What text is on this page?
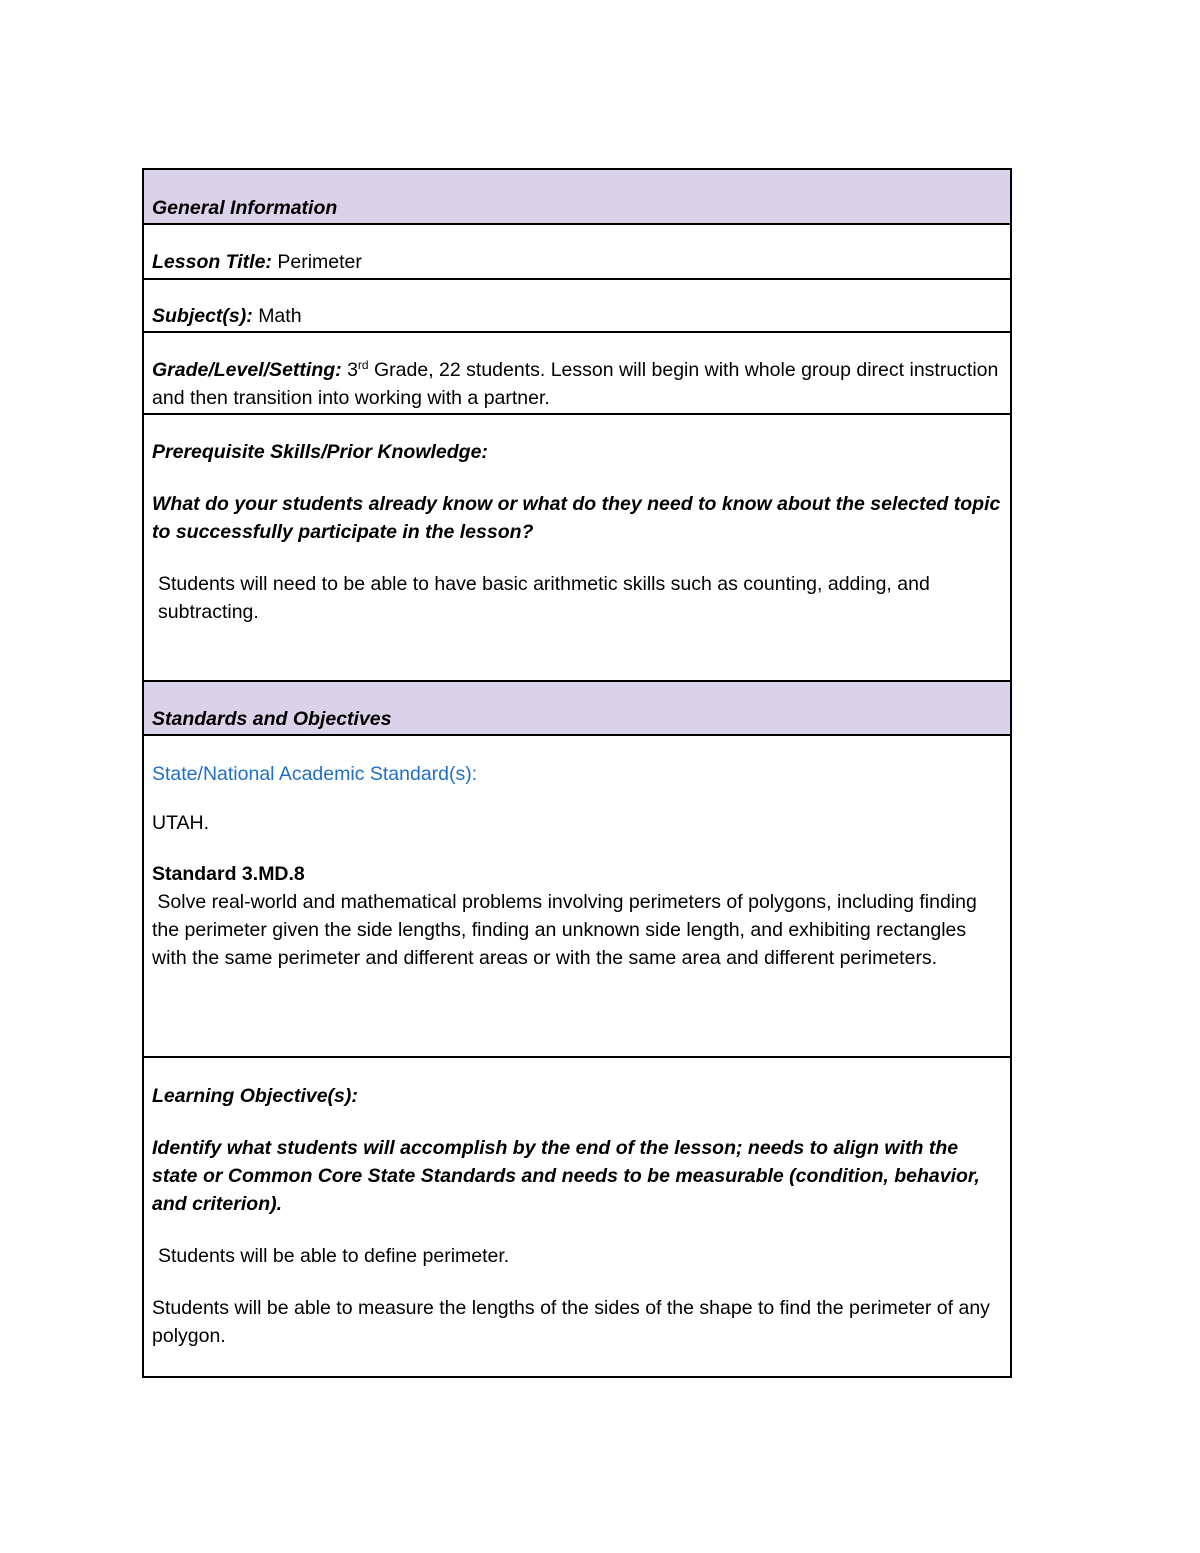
General Information

Lesson Title: Perimeter

Subject(s): Math

Grade/Level/Setting: 3rd Grade, 22 students. Lesson will begin with whole group direct instruction and then transition into working with a partner.

Prerequisite Skills/Prior Knowledge:

What do your students already know or what do they need to know about the selected topic to successfully participate in the lesson?

Students will need to be able to have basic arithmetic skills such as counting, adding, and subtracting.

Standards and Objectives

State/National Academic Standard(s):

UTAH.

Standard 3.MD.8

Solve real-world and mathematical problems involving perimeters of polygons, including finding the perimeter given the side lengths, finding an unknown side length, and exhibiting rectangles with the same perimeter and different areas or with the same area and different perimeters.

Learning Objective(s):

Identify what students will accomplish by the end of the lesson; needs to align with the state or Common Core State Standards and needs to be measurable (condition, behavior, and criterion).

Students will be able to define perimeter.

Students will be able to measure the lengths of the sides of the shape to find the perimeter of any polygon.
